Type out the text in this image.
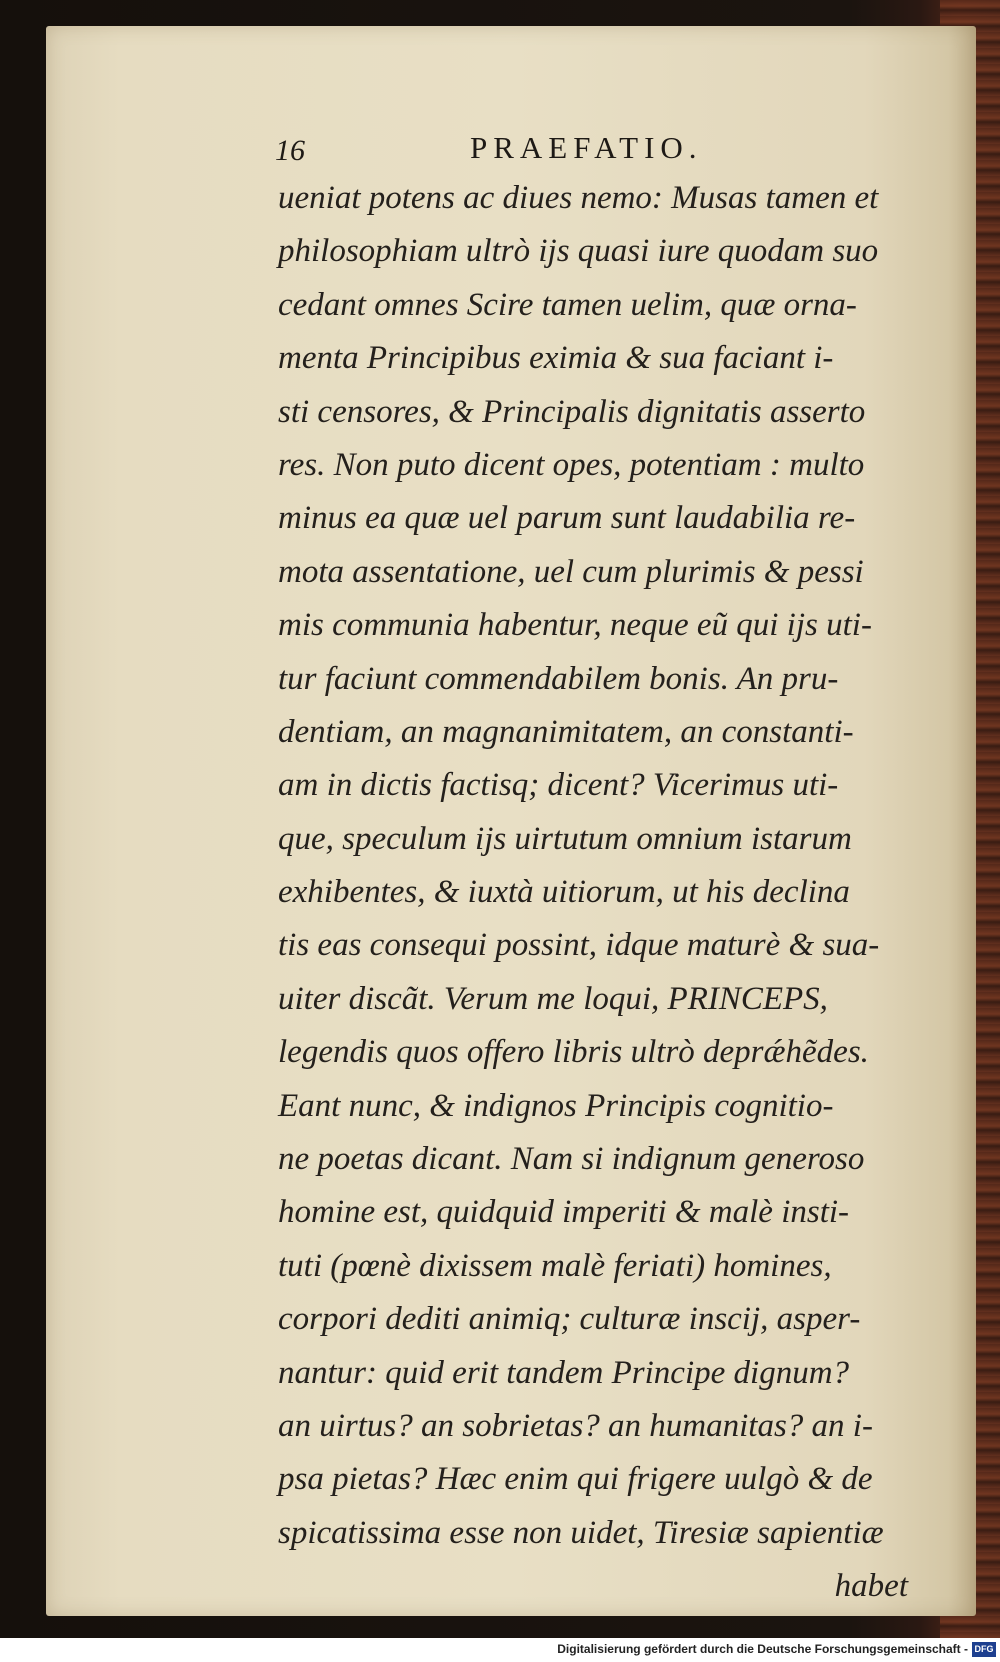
16	PRAEFATIO.
ueniat potens ac diues nemo: Musas tamen et
philosophiam ultrò ijs quasi iure quodam suo
cedant omnes Scire tamen uelim, quæ orna-
menta Principibus eximia & sua faciant i-
sti censores, & Principalis dignitatis asserto
res. Non puto dicent opes, potentiam : multo
minus ea quæ uel parum sunt laudabilia re-
mota assentatione, uel cum plurimis & pessi
mis communia habentur, neque eũ qui ijs uti-
tur faciunt commendabilem bonis. An pru-
dentiam, an magnanimitatem, an constanti-
am in dictis factisq; dicent? Vicerimus uti-
que, speculum ijs uirtutum omnium istarum
exhibentes, & iuxtà uitiorum, ut his declina
tis eas consequi possint, idque maturè & sua-
uiter discãt. Verum me loqui, PRINCEPS,
legendis quos offero libris ultrò deprǽhẽdes.
Eant nunc, & indignos Principis cognitio-
ne poetas dicant. Nam si indignum generoso
homine est, quidquid imperiti & malè insti-
tuti (pœnè dixissem malè feriati) homines,
corpori dediti animiq; culturæ inscij, asper-
nantur: quid erit tandem Principe dignum?
an uirtus? an sobrietas? an humanitas? an i-
psa pietas? Hæc enim qui frigere uulgò & de
spicatissima esse non uidet, Tiresiæ sapientiæ
habet
Digitalisierung gefördert durch die Deutsche Forschungsgemeinschaft - DFG
